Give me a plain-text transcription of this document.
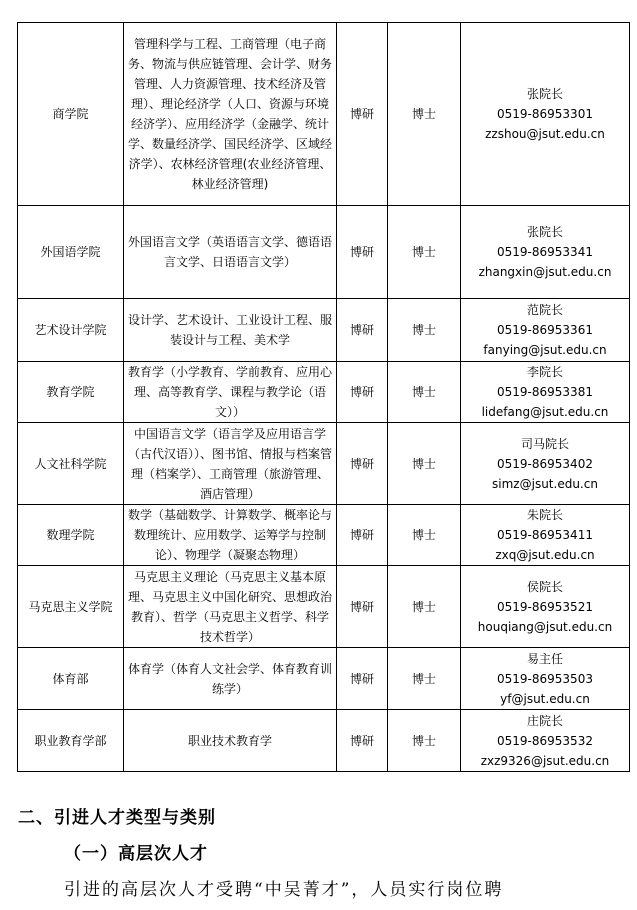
商学院	管理科学与工程、工商管理（电子商务、物流与供应链管理、会计学、财务管理、人力资源管理、技术经济及管理）、理论经济学（人口、资源与环境经济学）、应用经济学（金融学、统计学、数量经济学、国民经济学、区域经济学）、农林经济管理(农业经济管理、林业经济管理)	博研	博士	张院长
0519-86953301
zzshou@jsut.edu.cn

外国语学院	外国语言文学（英语语言文学、德语语言文学、日语语言文学）	博研	博士	张院长
0519-86953341
zhangxin@jsut.edu.cn

艺术设计学院	设计学、艺术设计、工业设计工程、服装设计与工程、美术学	博研	博士	范院长
0519-86953361
fanying@jsut.edu.cn

教育学院	教育学（小学教育、学前教育、应用心理、高等教育学、课程与教学论（语文））	博研	博士	李院长
0519-86953381
lidefang@jsut.edu.cn

人文社科学院	中国语言文学（语言学及应用语言学（古代汉语））、图书馆、情报与档案管理（档案学）、工商管理（旅游管理、酒店管理）	博研	博士	司马院长
0519-86953402
simz@jsut.edu.cn

数理学院	数学（基础数学、计算数学、概率论与数理统计、应用数学、运筹学与控制论）、物理学（凝聚态物理）	博研	博士	朱院长
0519-86953411
zxq@jsut.edu.cn

马克思主义学院	马克思主义理论（马克思主义基本原理、马克思主义中国化研究、思想政治教育）、哲学（马克思主义哲学、科学技术哲学）	博研	博士	侯院长
0519-86953521
houqiang@jsut.edu.cn

体育部	体育学（体育人文社会学、体育教育训练学）	博研	博士	易主任
0519-86953503
yf@jsut.edu.cn

职业教育学部	职业技术教育学	博研	博士	庄院长
0519-86953532
zxz9326@jsut.edu.cn
二、引进人才类型与类别
（一）高层次人才
引进的高层次人才受聘“中吴菁才”，人员实行岗位聘
